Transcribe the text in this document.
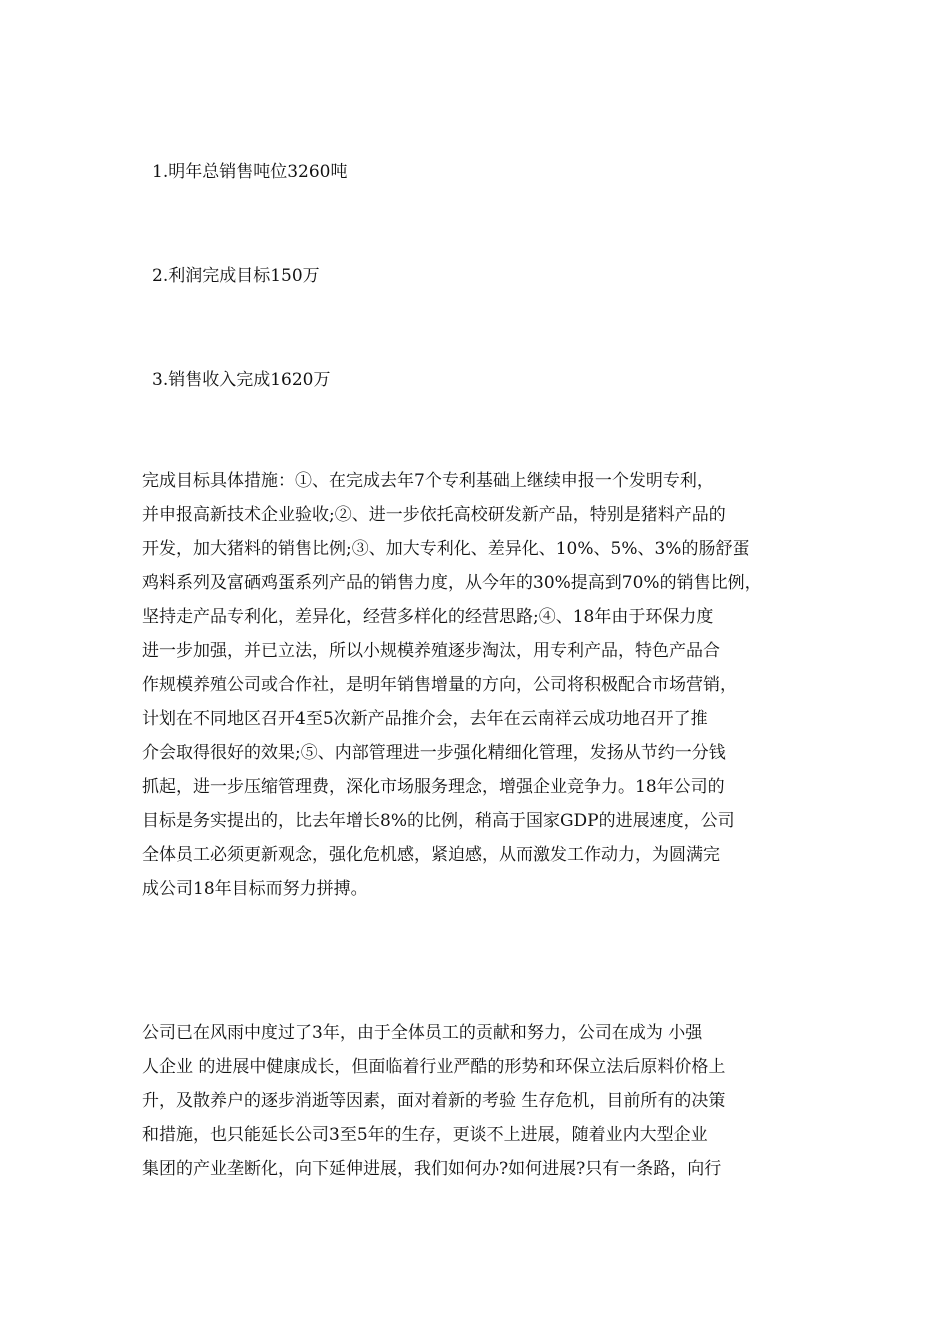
1.明年总销售吨位3260吨
2.利润完成目标150万
3.销售收入完成1620万
完成目标具体措施：①、在完成去年7个专利基础上继续申报一个发明专利，
并申报高新技术企业验收;②、进一步依托高校研发新产品，特别是猪料产品的
开发，加大猪料的销售比例;③、加大专利化、差异化、10%、5%、3%的肠舒蛋
鸡料系列及富硒鸡蛋系列产品的销售力度，从今年的30%提高到70%的销售比例，
坚持走产品专利化，差异化，经营多样化的经营思路;④、18年由于环保力度
进一步加强，并已立法，所以小规模养殖逐步淘汰，用专利产品，特色产品合
作规模养殖公司或合作社，是明年销售增量的方向，公司将积极配合市场营销，
计划在不同地区召开4至5次新产品推介会，去年在云南祥云成功地召开了推
介会取得很好的效果;⑤、内部管理进一步强化精细化管理，发扬从节约一分钱
抓起，进一步压缩管理费，深化市场服务理念，增强企业竞争力。18年公司的
目标是务实提出的，比去年增长8%的比例，稍高于国家GDP的进展速度，公司
全体员工必须更新观念，强化危机感，紧迫感，从而激发工作动力，为圆满完
成公司18年目标而努力拼搏。
公司已在风雨中度过了3年，由于全体员工的贡献和努力，公司在成为 小强
人企业 的进展中健康成长，但面临着行业严酷的形势和环保立法后原料价格上
升，及散养户的逐步消逝等因素，面对着新的考验 生存危机，目前所有的决策
和措施，也只能延长公司3至5年的生存，更谈不上进展，随着业内大型企业
集团的产业垄断化，向下延伸进展，我们如何办?如何进展?只有一条路，向行
